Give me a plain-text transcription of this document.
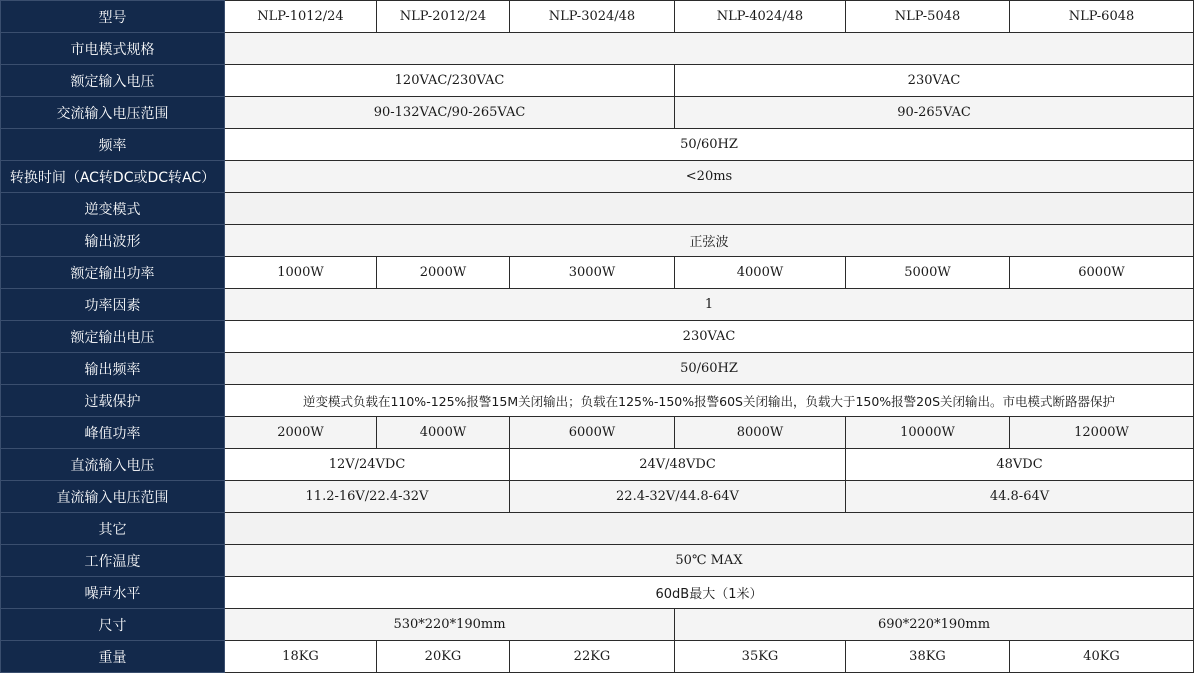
型号	NLP-1012/24	NLP-2012/24	NLP-3024/48	NLP-4024/48	NLP-5048	NLP-6048
市电模式规格						
额定输入电压	120VAC/230VAC			230VAC		
交流输入电压范围	90-132VAC/90-265VAC			90-265VAC		
频率	50/60HZ					
转换时间（AC转DC或DC转AC）	<20ms					
逆变模式						
输出波形	正弦波					
额定输出功率	1000W	2000W	3000W	4000W	5000W	6000W
功率因素	1					
额定输出电压	230VAC					
输出频率	50/60HZ					
过载保护	逆变模式负载在110%-125%报警15M关闭输出；负载在125%-150%报警60S关闭输出，负载大于150%报警20S关闭输出。市电模式断路器保护					
峰值功率	2000W	4000W	6000W	8000W	10000W	12000W
直流输入电压	12V/24VDC		24V/48VDC		48VDC	
直流输入电压范围	11.2-16V/22.4-32V		22.4-32V/44.8-64V		44.8-64V	
其它						
工作温度	50℃ MAX					
噪声水平	60dB最大（1米）					
尺寸	530*220*190mm			690*220*190mm		
重量	18KG	20KG	22KG	35KG	38KG	40KG
